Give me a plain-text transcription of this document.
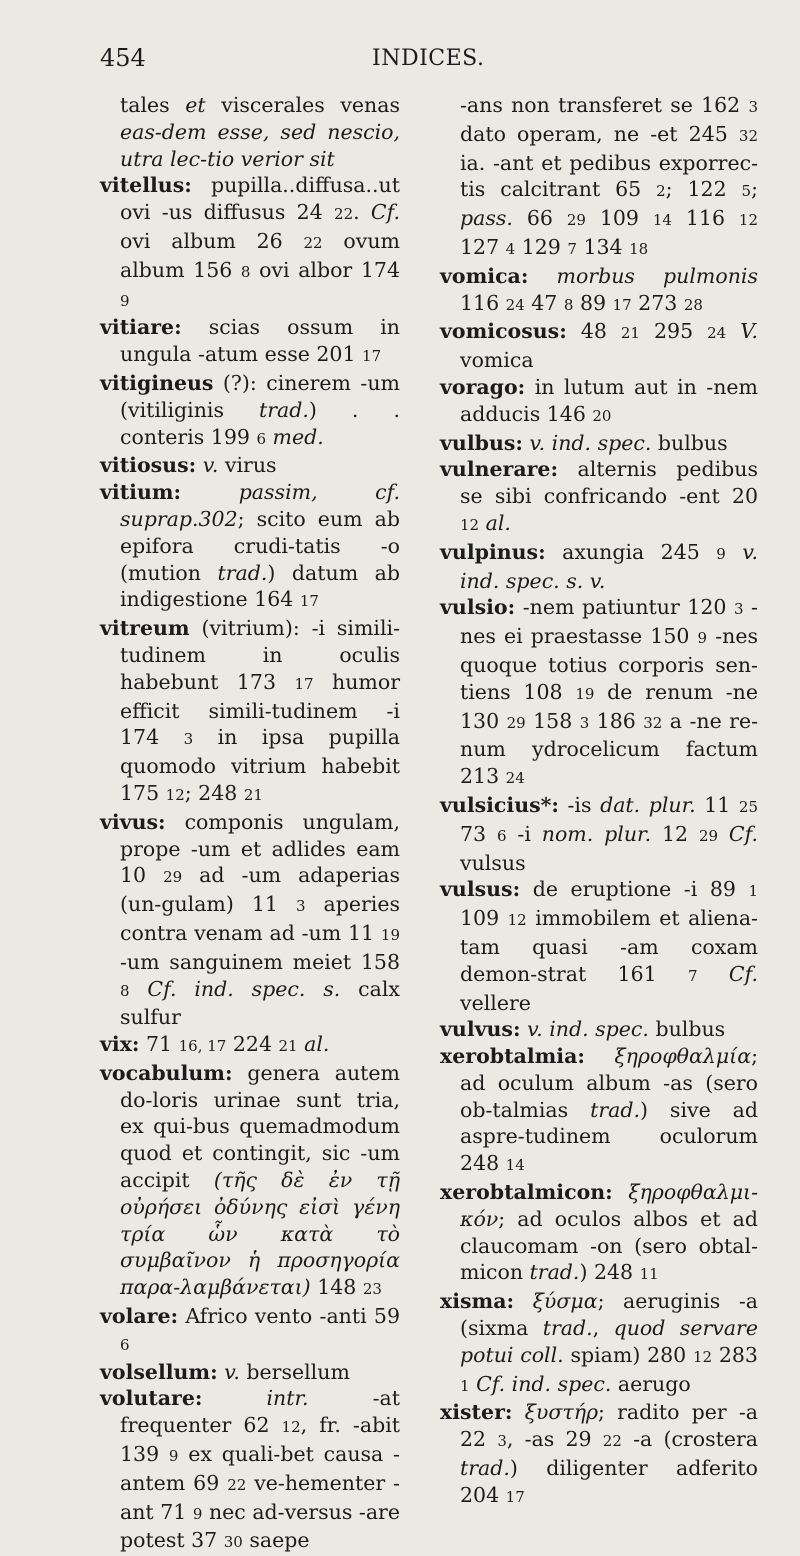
454	INDICES.
tales et viscerales venas eas-dem esse, sed nescio, utra lec-tio verior sit
vitellus: pupilla..diffusa..ut ovi -us diffusus 24 22. Cf. ovi album 26 22 ovum album 156 8 ovi albor 174 9
vitiare: scias ossum in ungula -atum esse 201 17
vitigineus (?): cinerem -um (vitiliginis trad.) . . conteris 199 6 med.
vitiosus: v. virus
vitium:	passim, cf. suprap.302; scito eum ab epifora crudi-tatis -o (mution trad.) datum ab indigestione 164 17
vitreum (vitrium): -i simili-tudinem in oculis habebunt 173 17 humor efficit simili-tudinem -i 174 3 in ipsa pupilla quomodo vitrium habebit 175 12; 248 21
vivus: componis ungulam, prope -um et adlides eam 10 29 ad -um adaperias (un-gulam) 11 3 aperies contra venam ad -um 11 19 -um sanguinem meiet 158 8 Cf. ind. spec. s. calx sulfur
vix: 71 16, 17 224 21 al.
vocabulum: genera autem do-loris urinae sunt tria, ex qui-bus quemadmodum quod et contingit, sic -um accipit (τῆς δὲ ἐν τῇ οὐρήσει ὀδύνης εἰσὶ γένη τρία ὧν κατὰ τὸ συμβαῖνον ἡ προσηγορία παρα-λαμβάνεται) 148 23
volare: Africo vento -anti 59 6
volsellum: v. bersellum
volutare:	intr. -at frequenter 62 12, fr. -abit 139 9 ex quali-bet causa -antem 69 22 ve-hementer -ant 71 9 nec ad-versus -are potest 37 30 saepe
-ans non transferet se 162 3 dato operam, ne -et 245 32 ia. -ant et pedibus exporrec-tis calcitrant 65 2; 122 5; pass. 66 29 109 14 116 12 127 4 129 7 134 18
vomica: morbus pulmonis 116 24 47 8 89 17 273 28
vomicosus: 48 21 295 24 V. vomica
vorago: in lutum aut in -nem adducis 146 20
vulbus: v. ind. spec. bulbus
vulnerare: alternis pedibus se sibi confricando -ent 20 12 al.
vulpinus: axungia 245 9 v. ind. spec. s. v.
vulsio: -nem patiuntur 120 3 -nes ei praestasse 150 9 -nes quoque totius corporis sen-tiens 108 19 de renum -ne 130 29 158 3 186 32 a -ne re-num ydrocelicum factum 213 24
vulsicius*: -is dat. plur. 11 25 73 6 -i nom. plur. 12 29 Cf. vulsus
vulsus: de eruptione -i 89 1 109 12 immobilem et aliena-tam quasi -am coxam demon-strat 161 7 Cf. vellere
vulvus: v. ind. spec. bulbus
xerobtalmia: ξηροφθαλμία; ad oculum album -as (sero ob-talmias trad.) sive ad aspre-tudinem oculorum 248 14
xerobtalmicon: ξηροφθαλμι-κόν; ad oculos albos et ad claucomam -on (sero obtal-micon trad.) 248 11
xisma: ξύσμα; aeruginis -a (sixma trad., quod servare potui coll. spiam) 280 12 283 1 Cf. ind. spec. aerugo
xister: ξυστήρ; radito per -a 22 3, -as 29 22 -a (crostera trad.) diligenter adferito 204 17
